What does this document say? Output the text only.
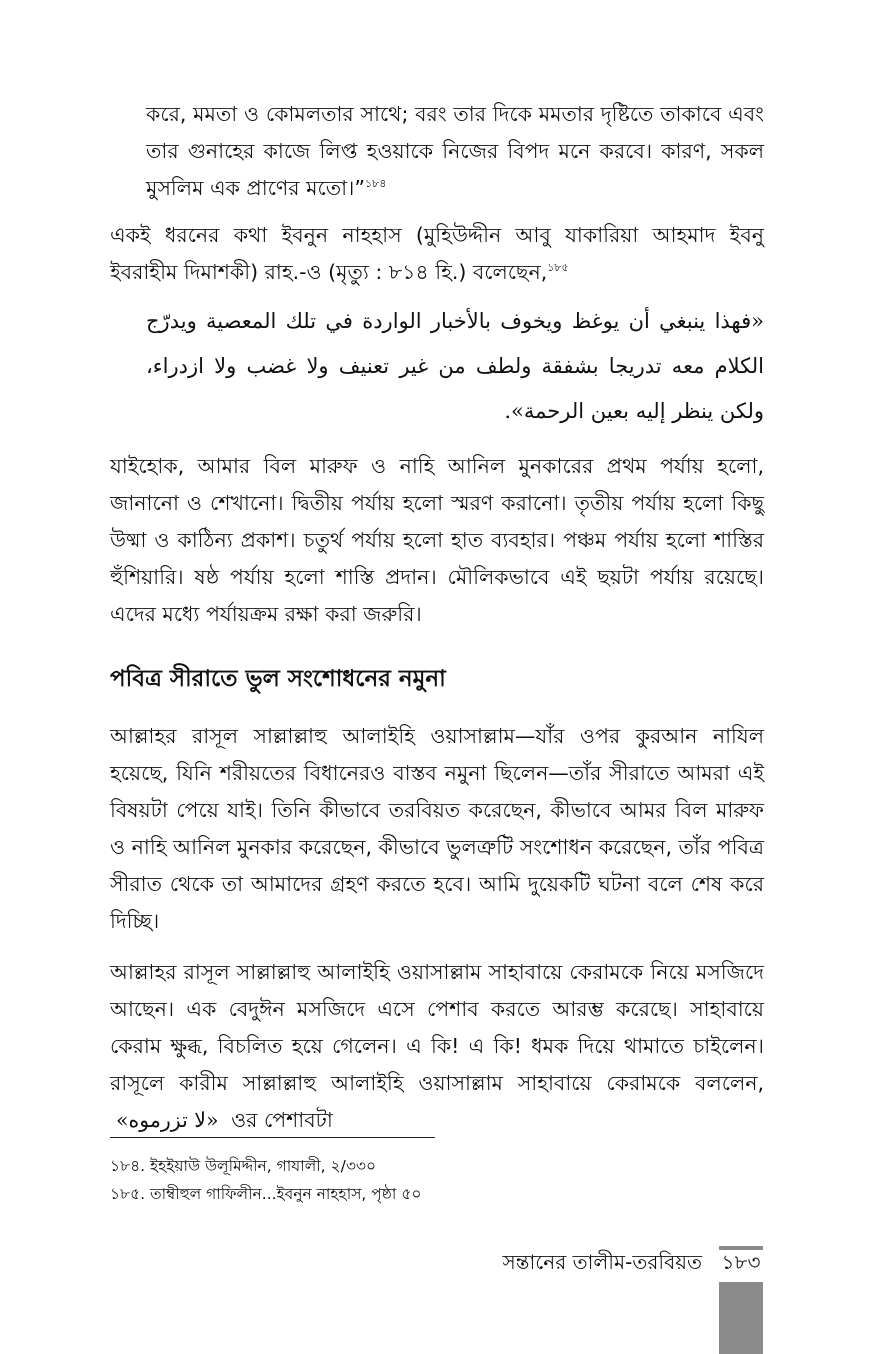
করে, মমতা ও কোমলতার সাথে; বরং তার দিকে মমতার দৃষ্টিতে তাকাবে এবং তার গুনাহের কাজে লিপ্ত হওয়াকে নিজের বিপদ মনে করবে। কারণ, সকল মুসলিম এক প্রাণের মতো।”$^{১৮৪}$

একই ধরনের কথা ইবনুন নাহহাস (মুহিউদ্দীন আবু যাকারিয়া আহমাদ ইবনু ইবরাহীম দিমাশকী) রাহ.-ও (মৃত্যু : ৮১৪ হি.) বলেছেন,$^{১৮৫}$

«فهذا ينبغي أن يوغظ ويخوف بالأخبار الواردة في تلك المعصية ويدرّج الكلام معه تدريجا بشفقة ولطف من غير تعنيف ولا غضب ولا ازدراء، ولكن ينظر إليه بعين الرحمة».

যাইহোক, আমার বিল মারুফ ও নাহি আনিল মুনকারের প্রথম পর্যায় হলো, জানানো ও শেখানো। দ্বিতীয় পর্যায় হলো স্মরণ করানো। তৃতীয় পর্যায় হলো কিছু উষ্মা ও কাঠিন্য প্রকাশ। চতুর্থ পর্যায় হলো হাত ব্যবহার। পঞ্চম পর্যায় হলো শাস্তির হুঁশিয়ারি। ষষ্ঠ পর্যায় হলো শাস্তি প্রদান। মৌলিকভাবে এই ছয়টা পর্যায় রয়েছে। এদের মধ্যে পর্যায়ক্রম রক্ষা করা জরুরি।

পবিত্র সীরাতে ভুল সংশোধনের নমুনা

আল্লাহর রাসূল সাল্লাল্লাহু আলাইহি ওয়াসাল্লাম—যাঁর ওপর কুরআন নাযিল হয়েছে, যিনি শরীয়তের বিধানেরও বাস্তব নমুনা ছিলেন—তাঁর সীরাতে আমরা এই বিষয়টা পেয়ে যাই। তিনি কীভাবে তরবিয়ত করেছেন, কীভাবে আমর বিল মারুফ ও নাহি আনিল মুনকার করেছেন, কীভাবে ভুলত্রুটি সংশোধন করেছেন, তাঁর পবিত্র সীরাত থেকে তা আমাদের গ্রহণ করতে হবে। আমি দুয়েকটি ঘটনা বলে শেষ করে দিচ্ছি।

আল্লাহর রাসূল সাল্লাল্লাহু আলাইহি ওয়াসাল্লাম সাহাবায়ে কেরামকে নিয়ে মসজিদে আছেন। এক বেদুঈন মসজিদে এসে পেশাব করতে আরম্ভ করেছে। সাহাবায়ে কেরাম ক্ষুব্ধ, বিচলিত হয়ে গেলেন। এ কি! এ কি! ধমক দিয়ে থামাতে চাইলেন। রাসূলে কারীম সাল্লাল্লাহু আলাইহি ওয়াসাল্লাম সাহাবায়ে কেরামকে বললেন, «لا تزرموه» ওর পেশাবটা

১৮৪. ইহইয়াউ উলূমিদ্দীন, গাযালী, ২/৩৩০
১৮৫. তাম্বীহুল গাফিলীন...ইবনুন নাহহাস, পৃষ্ঠা ৫০
সন্তানের তালীম-তরবিয়ত ১৮৩
